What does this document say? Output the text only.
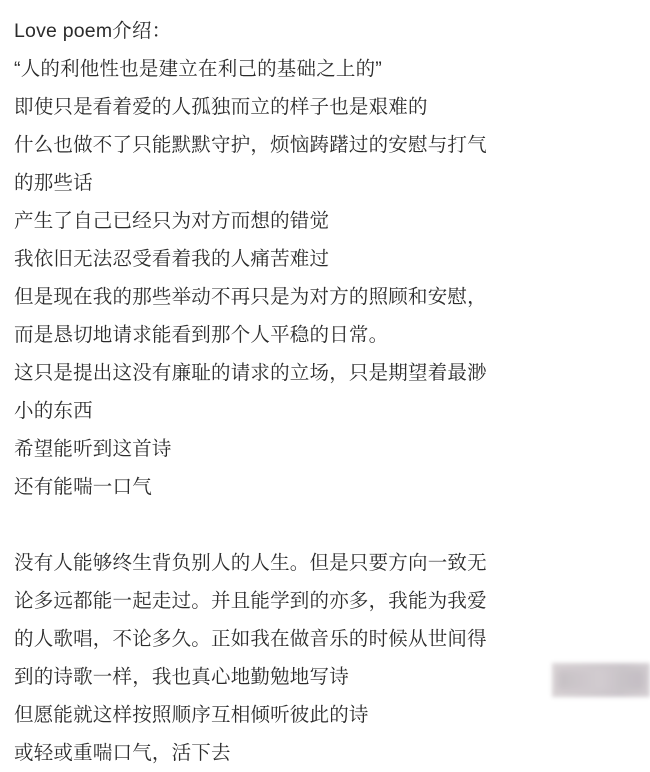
Love poem介绍：
“人的利他性也是建立在利己的基础之上的”
即使只是看着爱的人孤独而立的样子也是艰难的
什么也做不了只能默默守护，烦恼踌躇过的安慰与打气
的那些话
产生了自己已经只为对方而想的错觉
我依旧无法忍受看着我的人痛苦难过
但是现在我的那些举动不再只是为对方的照顾和安慰，
而是恳切地请求能看到那个人平稳的日常。
这只是提出这没有廉耻的请求的立场，只是期望着最渺
小的东西
希望能听到这首诗
还有能喘一口气
没有人能够终生背负别人的人生。但是只要方向一致无
论多远都能一起走过。并且能学到的亦多，我能为我爱
的人歌唱，不论多久。正如我在做音乐的时候从世间得
到的诗歌一样，我也真心地勤勉地写诗
但愿能就这样按照顺序互相倾听彼此的诗
或轻或重喘口气，活下去
